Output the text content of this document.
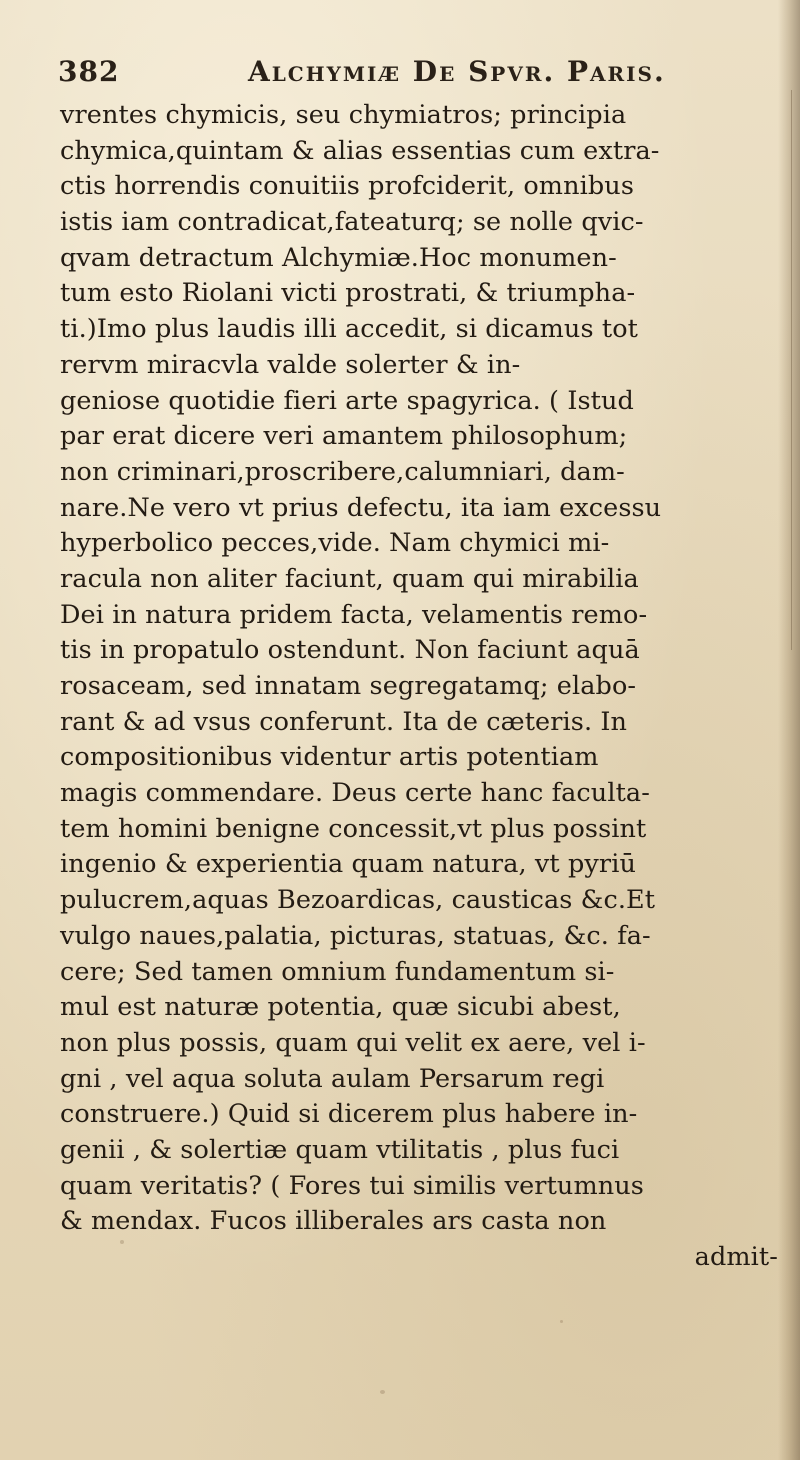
382	Alchymiæ De Spvr. Paris.
vrentes chymicis, seu chymiatros; principia
chymica,quintam & alias essentias cum extra-
ctis horrendis conuitiis profciderit, omnibus
istis iam contradicat,fateaturq; se nolle qvic-
qvam detractum Alchymiæ.Hoc monumen-
tum esto Riolani victi prostrati, & triumpha-
ti.)Imo plus laudis illi accedit, si dicamus tot
rervm miracvla valde solerter & in-
geniose quotidie fieri arte spagyrica. ( Istud
par erat dicere veri amantem philosophum;
non criminari,proscribere,calumniari, dam-
nare.Ne vero vt prius defectu, ita iam excessu
hyperbolico pecces,vide. Nam chymici mi-
racula non aliter faciunt, quam qui mirabilia
Dei in natura pridem facta, velamentis remo-
tis in propatulo ostendunt. Non faciunt aquā
rosaceam, sed innatam segregatamq; elabo-
rant & ad vsus conferunt. Ita de cæteris. In
compositionibus videntur artis potentiam
magis commendare. Deus certe hanc faculta-
tem homini benigne concessit,vt plus possint
ingenio & experientia quam natura, vt pyriū
pulucrem,aquas Bezoardicas, causticas &c.Et
vulgo naues,palatia, picturas, statuas, &c. fa-
cere; Sed tamen omnium fundamentum si-
mul est naturæ potentia, quæ sicubi abest,
non plus possis, quam qui velit ex aere, vel i-
gni , vel aqua soluta aulam Persarum regi
construere.) Quid si dicerem plus habere in-
genii , & solertiæ quam vtilitatis , plus fuci
quam veritatis? ( Fores tui similis vertumnus
& mendax. Fucos illiberales ars casta non
admit-
